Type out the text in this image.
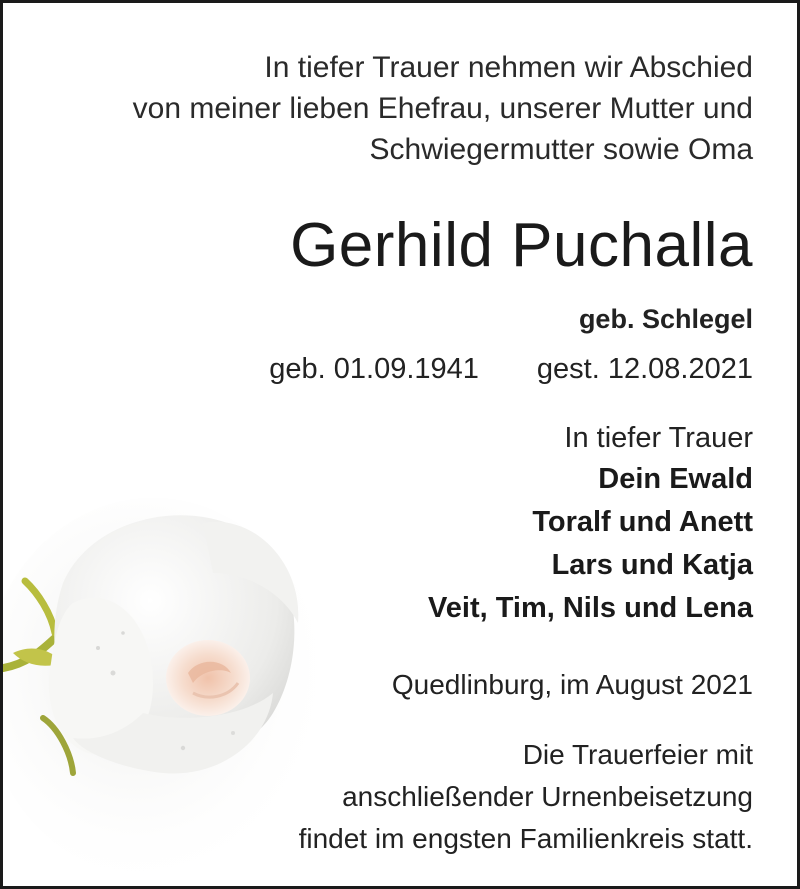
In tiefer Trauer nehmen wir Abschied
von meiner lieben Ehefrau, unserer Mutter und
Schwiegermutter sowie Oma
Gerhild Puchalla
geb. Schlegel
geb. 01.09.1941 gest. 12.08.2021
In tiefer Trauer
Dein Ewald
Toralf und Anett
Lars und Katja
Veit, Tim, Nils und Lena
Quedlinburg, im August 2021
Die Trauerfeier mit
anschließender Urnenbeisetzung
findet im engsten Familienkreis statt.
